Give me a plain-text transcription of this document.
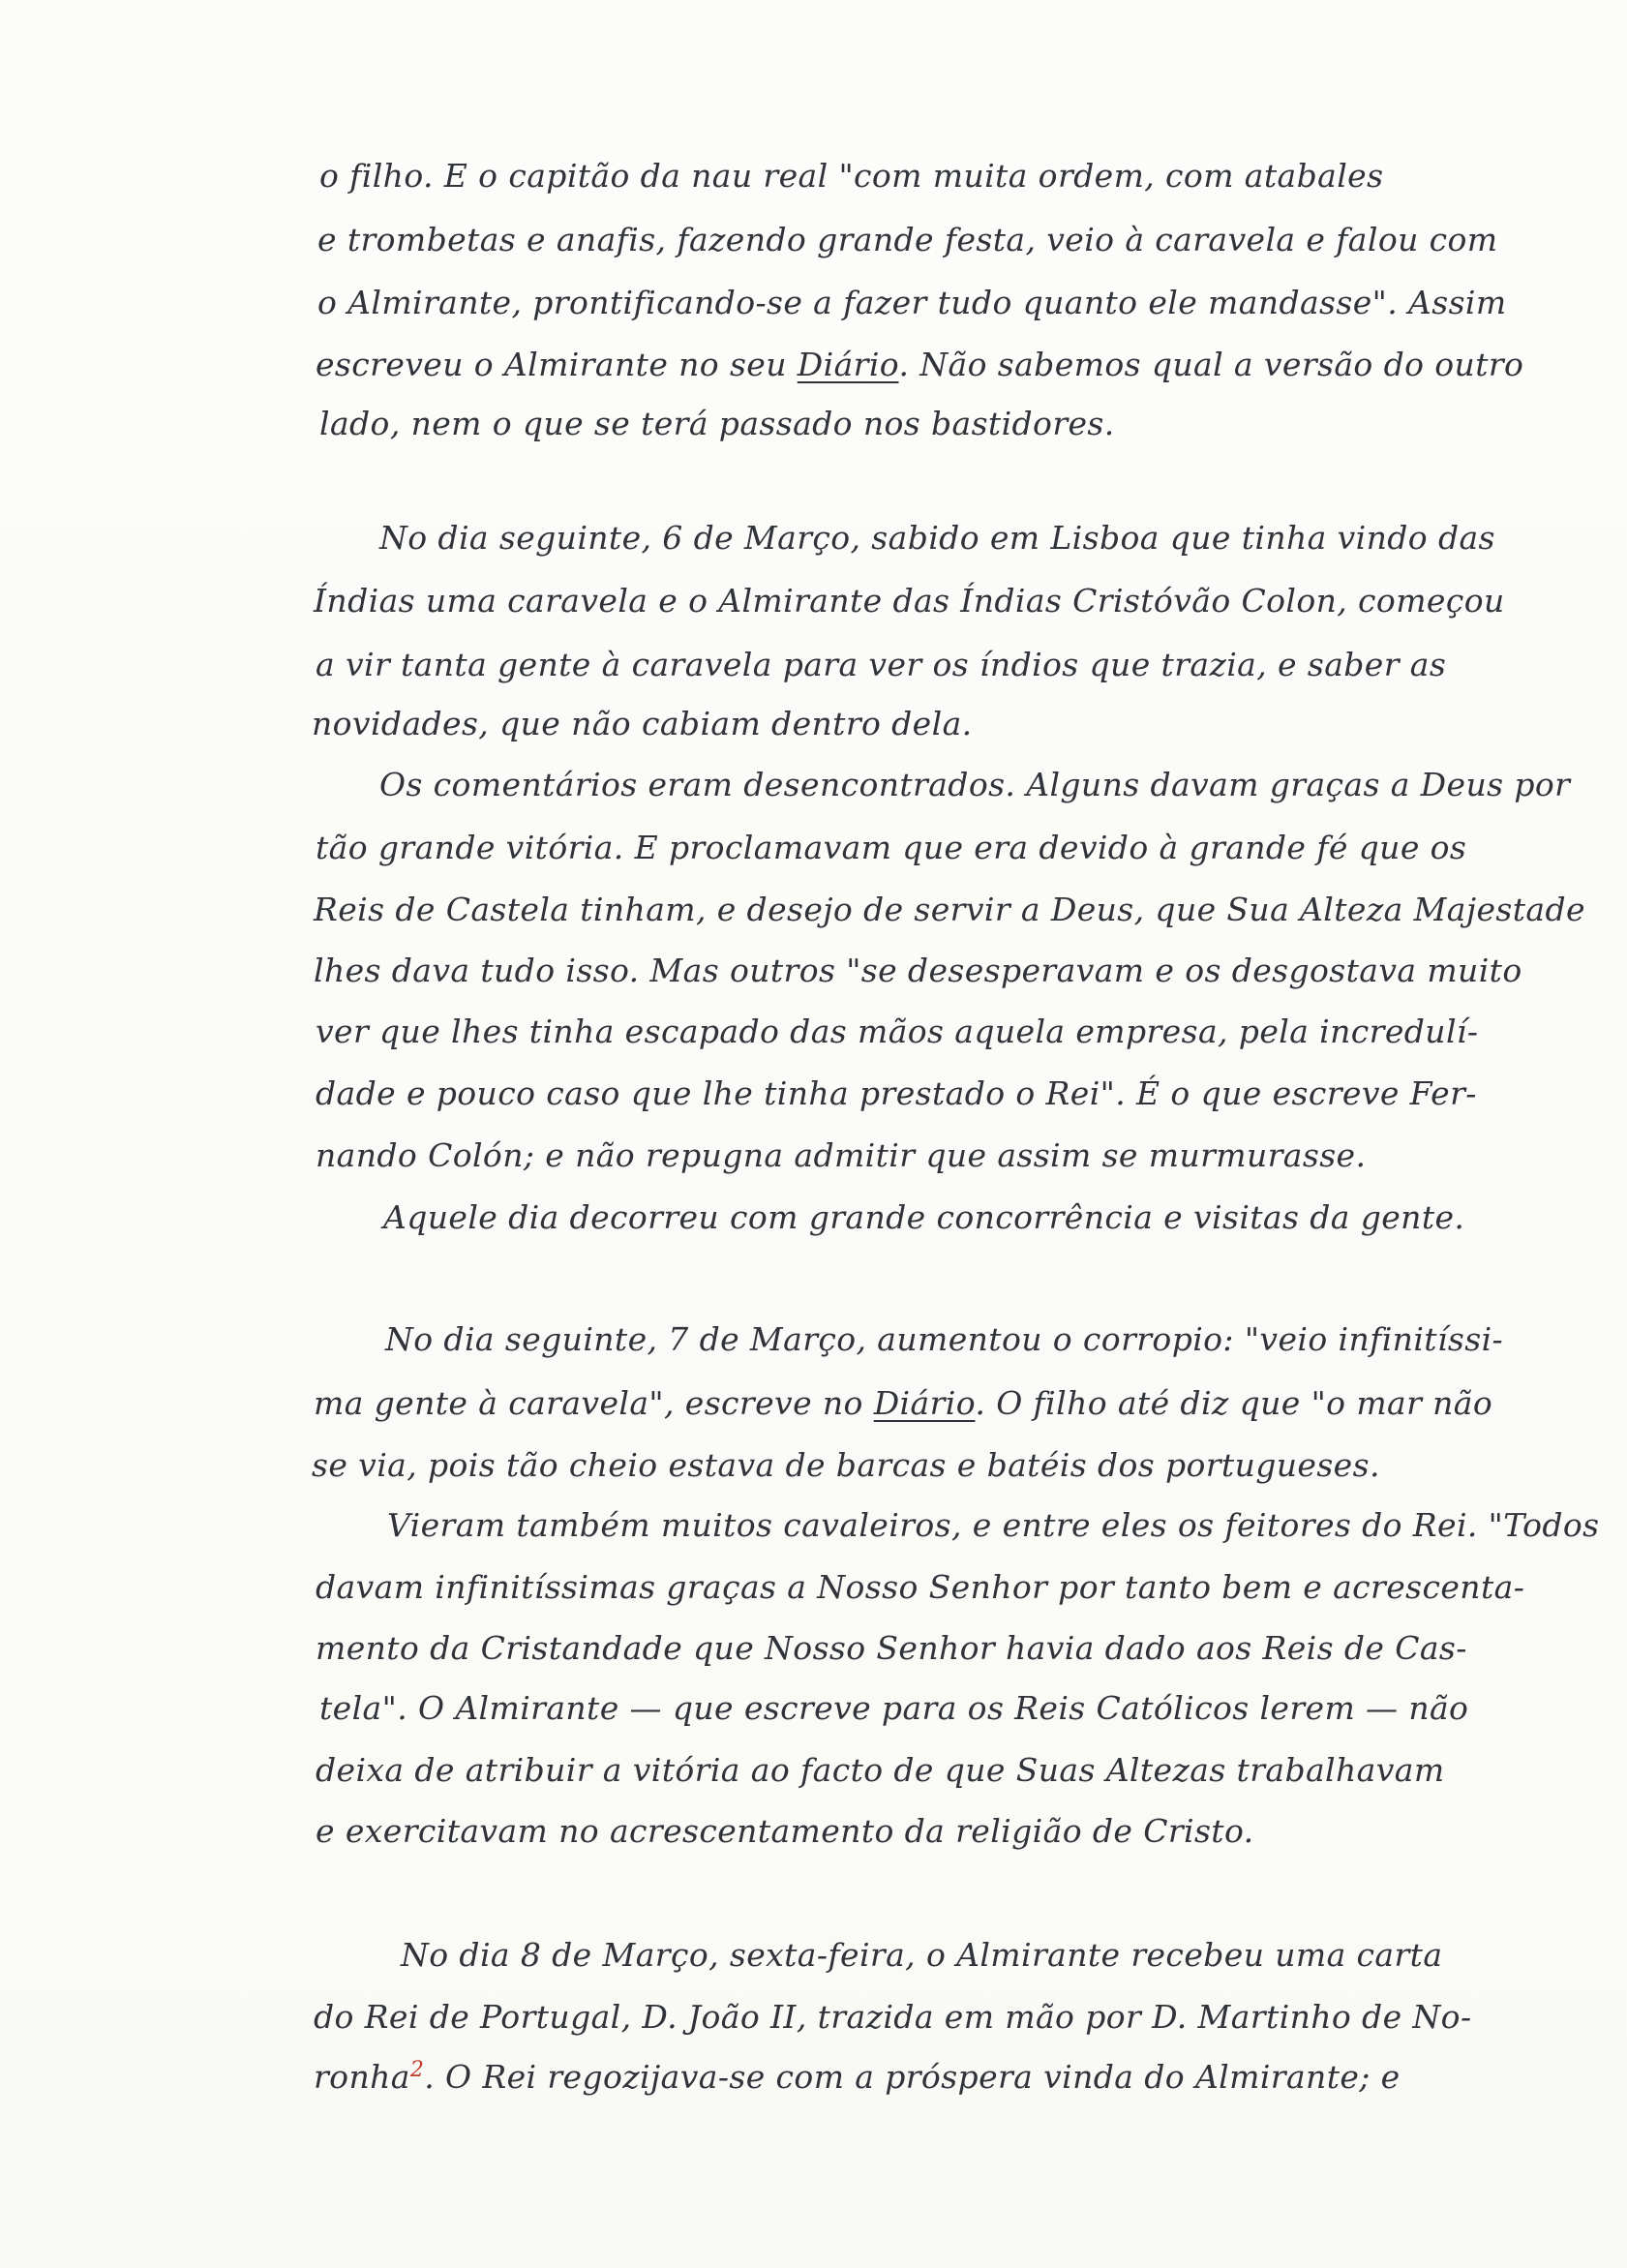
o filho. E o capitão da nau real "com muita ordem, com atabales
e trombetas e anafis, fazendo grande festa, veio à caravela e falou com
o Almirante, prontificando-se a fazer tudo quanto ele mandasse". Assim
escreveu o Almirante no seu Diário. Não sabemos qual a versão do outro
lado, nem o que se terá passado nos bastidores.
No dia seguinte, 6 de Março, sabido em Lisboa que tinha vindo das
Índias uma caravela e o Almirante das Índias Cristóvão Colon, começou
a vir tanta gente à caravela para ver os índios que trazia, e saber as
novidades, que não cabiam dentro dela.
Os comentários eram desencontrados. Alguns davam graças a Deus por
tão grande vitória. E proclamavam que era devido à grande fé que os
Reis de Castela tinham, e desejo de servir a Deus, que Sua Alteza Majestade
lhes dava tudo isso. Mas outros "se desesperavam e os desgostava muito
ver que lhes tinha escapado das mãos aquela empresa, pela incredulí-
dade e pouco caso que lhe tinha prestado o Rei". É o que escreve Fer-
nando Colón; e não repugna admitir que assim se murmurasse.
Aquele dia decorreu com grande concorrência e visitas da gente.
No dia seguinte, 7 de Março, aumentou o corropio: "veio infinitíssi-
ma gente à caravela", escreve no Diário. O filho até diz que "o mar não
se via, pois tão cheio estava de barcas e batéis dos portugueses.
Vieram também muitos cavaleiros, e entre eles os feitores do Rei. "Todos
davam infinitíssimas graças a Nosso Senhor por tanto bem e acrescenta-
mento da Cristandade que Nosso Senhor havia dado aos Reis de Cas-
tela". O Almirante — que escreve para os Reis Católicos lerem — não
deixa de atribuir a vitória ao facto de que Suas Altezas trabalhavam
e exercitavam no acrescentamento da religião de Cristo.
No dia 8 de Março, sexta-feira, o Almirante recebeu uma carta
do Rei de Portugal, D. João II, trazida em mão por D. Martinho de No-
ronha$^2$. O Rei regozijava-se com a próspera vinda do Almirante; e
